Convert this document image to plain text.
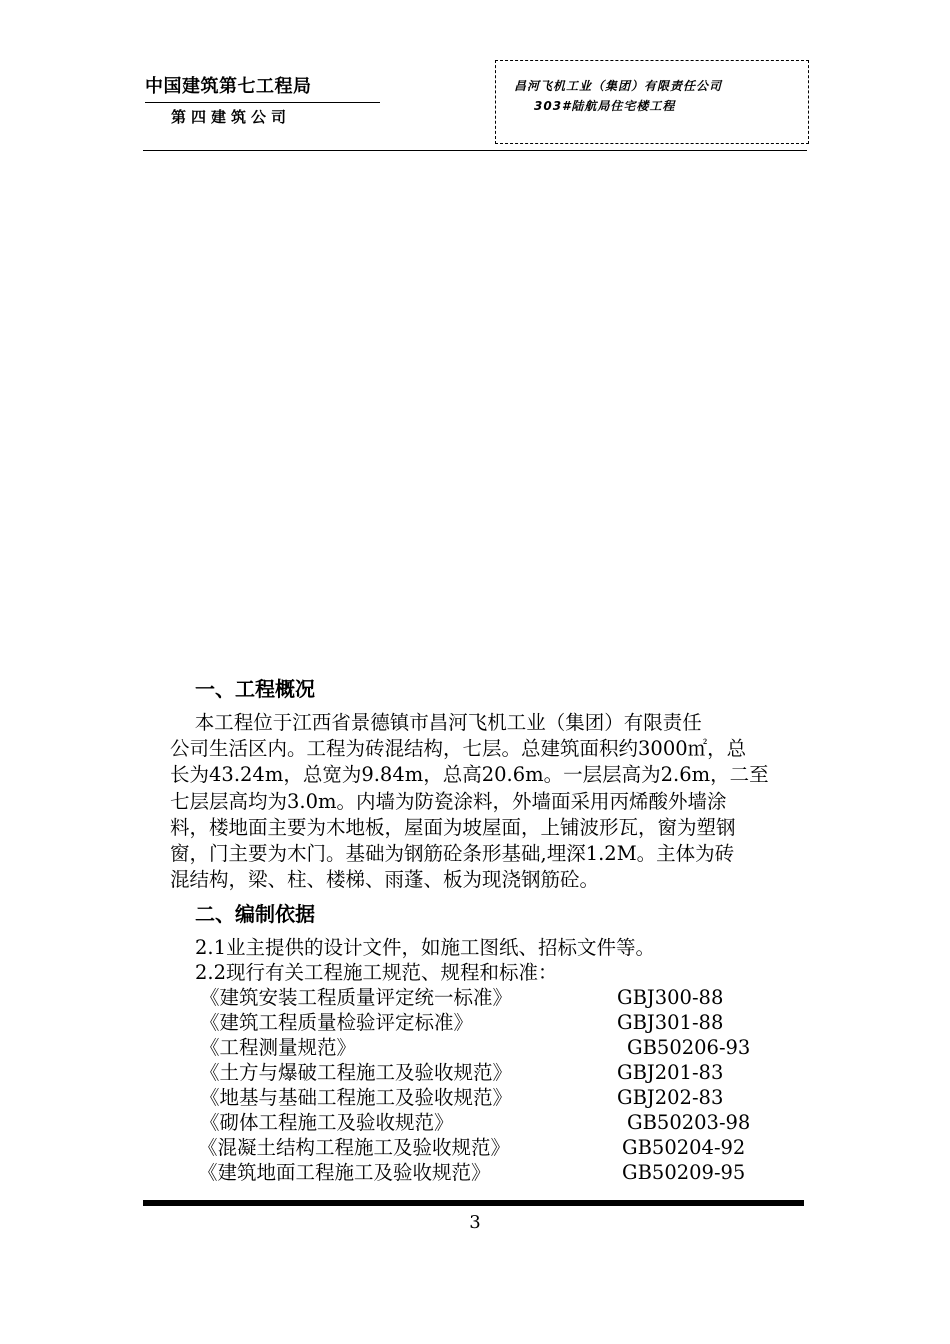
中国建筑第七工程局
第四建筑公司
昌河飞机工业（集团）有限责任公司
303#陆航局住宅楼工程
一、工程概况
本工程位于江西省景德镇市昌河飞机工业（集团）有限责任
公司生活区内。工程为砖混结构，七层。总建筑面积约3000㎡，总
长为43.24m，总宽为9.84m，总高20.6m。一层层高为2.6m，二至
七层层高均为3.0m。内墙为防瓷涂料，外墙面采用丙烯酸外墙涂
料，楼地面主要为木地板，屋面为坡屋面，上铺波形瓦，窗为塑钢
窗，门主要为木门。基础为钢筋砼条形基础,埋深1.2M。主体为砖
混结构，梁、柱、楼梯、雨蓬、板为现浇钢筋砼。
二、编制依据
2.1业主提供的设计文件，如施工图纸、招标文件等。
2.2现行有关工程施工规范、规程和标准：
《建筑安装工程质量评定统一标准》	GBJ300-88
《建筑工程质量检验评定标准》	GBJ301-88
《工程测量规范》	GB50206-93
《土方与爆破工程施工及验收规范》	GBJ201-83
《地基与基础工程施工及验收规范》	GBJ202-83
《砌体工程施工及验收规范》	GB50203-98
《混凝土结构工程施工及验收规范》	GB50204-92
《建筑地面工程施工及验收规范》	GB50209-95
3
